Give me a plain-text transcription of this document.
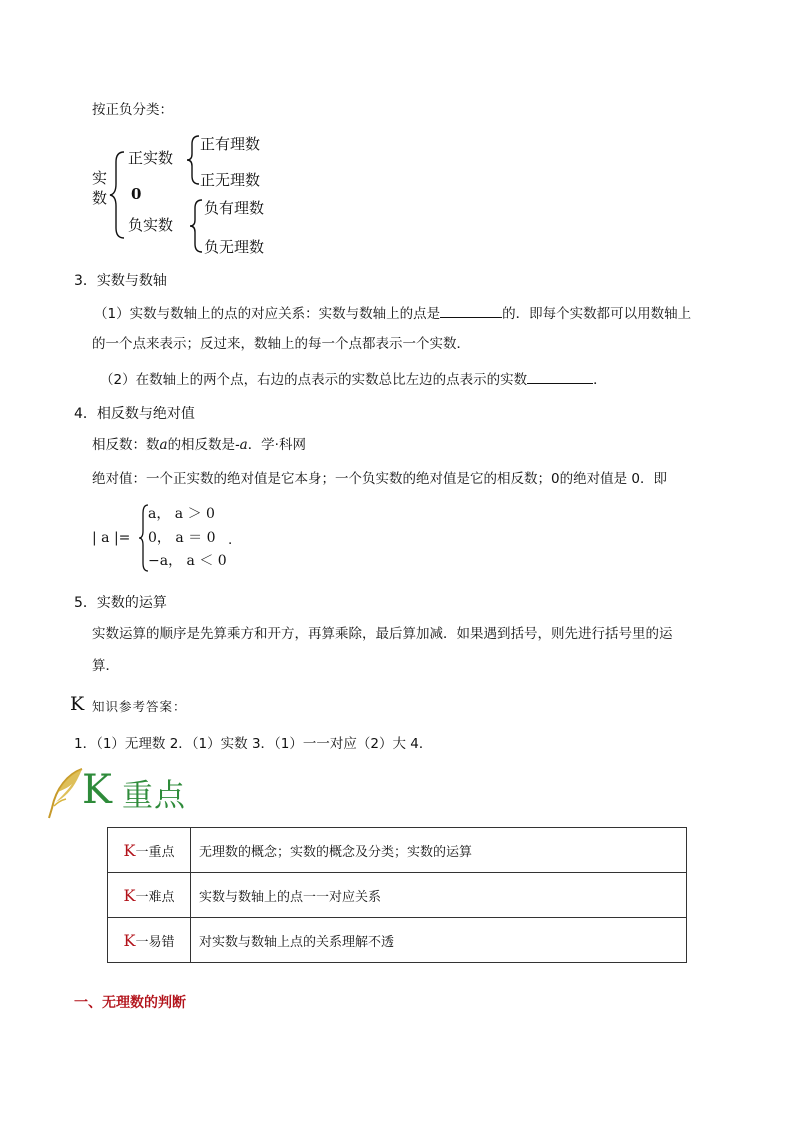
按正负分类：
实
数
正实数
0
负实数
正有理数
正无理数
负有理数
负无理数
3．实数与数轴
（1）实数与数轴上的点的对应关系：实数与数轴上的点是	的．即每个实数都可以用数轴上
的一个点来表示；反过来，数轴上的每一个点都表示一个实数．
（2）在数轴上的两个点，右边的点表示的实数总比左边的点表示的实数	．
4．相反数与绝对值
相反数：数a的相反数是-a．学·科网
绝对值：一个正实数的绝对值是它本身；一个负实数的绝对值是它的相反数；0的绝对值是 0．即
| a |=
a， a ＞ 0
0， a ＝ 0
−a， a ＜ 0
.
5．实数的运算
实数运算的顺序是先算乘方和开方，再算乘除，最后算加减．如果遇到括号，则先进行括号里的运
算．
K 知识参考答案：
1．（1）无理数 2．（1）实数 3．（1）一一对应（2）大 4．
K 重点
K一重点	无理数的概念；实数的概念及分类；实数的运算
K一难点	实数与数轴上的点一一对应关系
K一易错	对实数与数轴上点的关系理解不透
一、无理数的判断
